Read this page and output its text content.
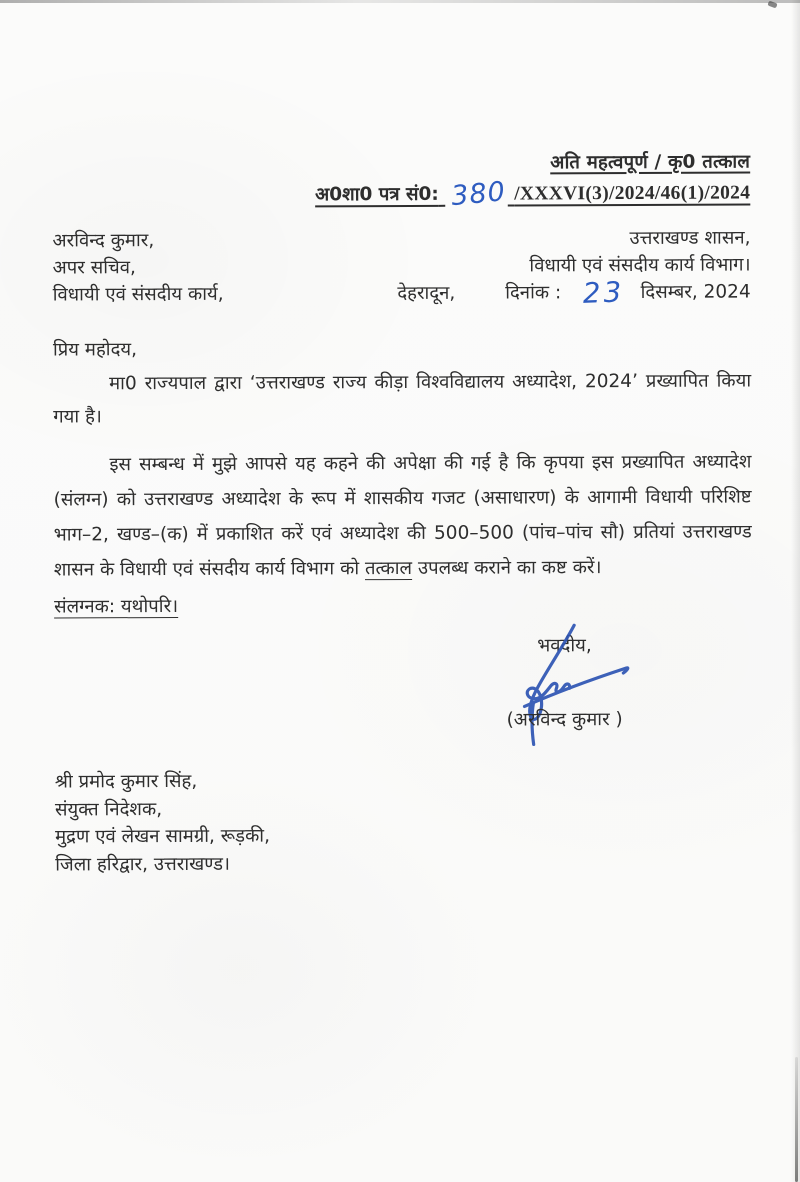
अति महत्वपूर्ण / कृ0 तत्काल
अ0शा0 पत्र सं0: 380 /XXXVI(3)/2024/46(1)/2024
अरविन्द कुमार,
अपर सचिव,
विधायी एवं संसदीय कार्य,
उत्तराखण्ड शासन,
विधायी एवं संसदीय कार्य विभाग।
देहरादून,	दिनांक : 23 दिसम्बर, 2024
प्रिय महोदय,
मा0 राज्यपाल द्वारा ‘उत्तराखण्ड राज्य कीड़ा विश्वविद्यालय अध्यादेश, 2024’ प्रख्यापित किया गया है।
इस सम्बन्ध में मुझे आपसे यह कहने की अपेक्षा की गई है कि कृपया इस प्रख्यापित अध्यादेश (संलग्न) को उत्तराखण्ड अध्यादेश के रूप में शासकीय गजट (असाधारण) के आगामी विधायी परिशिष्ट भाग–2, खण्ड–(क) में प्रकाशित करें एवं अध्यादेश की 500–500 (पांच–पांच सौ) प्रतियां उत्तराखण्ड शासन के विधायी एवं संसदीय कार्य विभाग को तत्काल उपलब्ध कराने का कष्ट करें।
संलग्नक: यथोपरि।
भवदीय,
(अरविन्द कुमार )
श्री प्रमोद कुमार सिंह,
संयुक्त निदेशक,
मुद्रण एवं लेखन सामग्री, रूड़की,
जिला हरिद्वार, उत्तराखण्ड।
